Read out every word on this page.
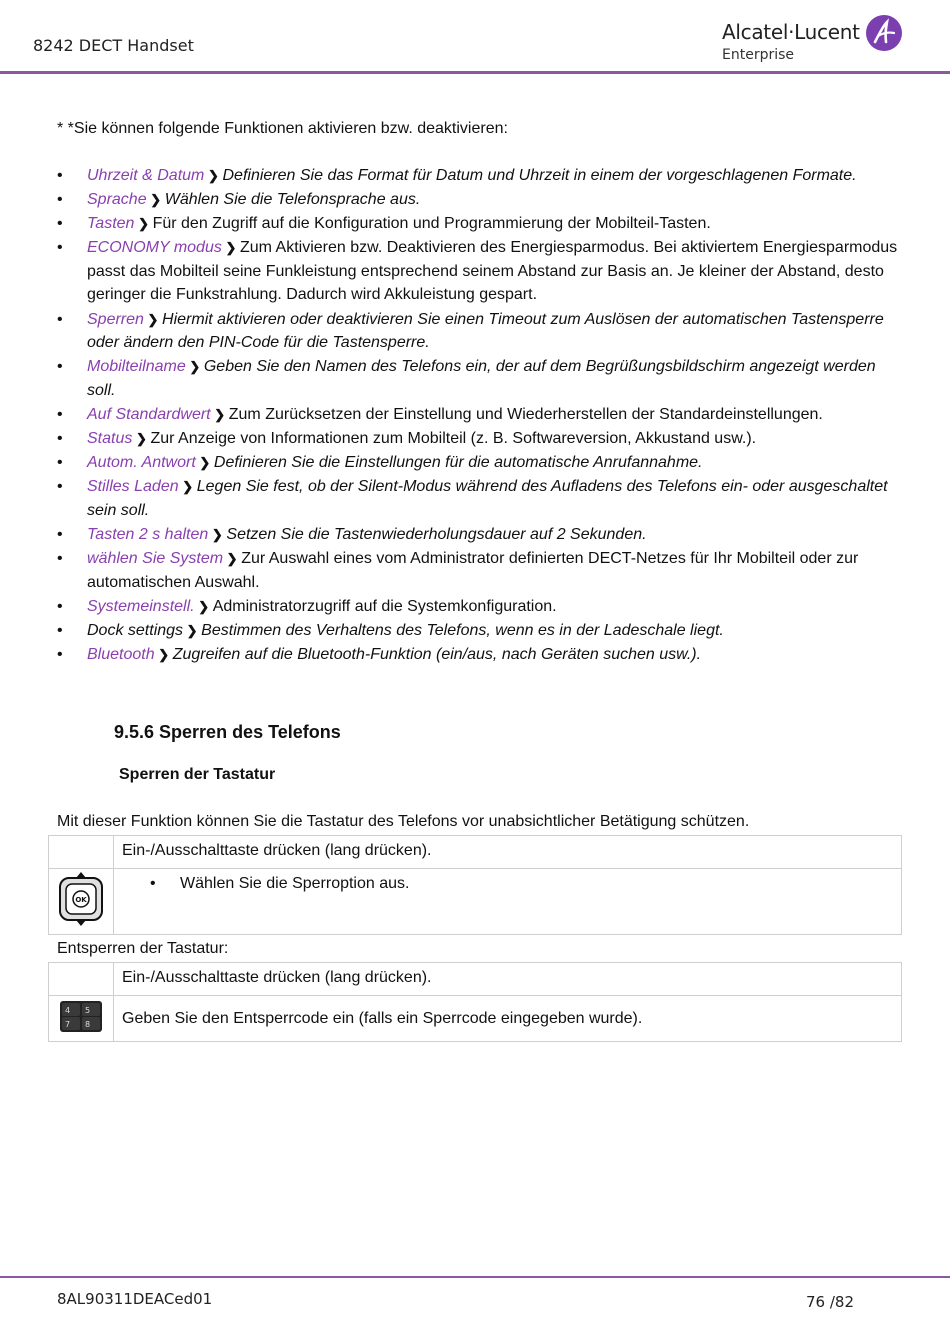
8242 DECT Handset
Alcatel·Lucent
Enterprise
* *Sie können folgende Funktionen aktivieren bzw. deaktivieren:
• Uhrzeit & Datum ❯ Definieren Sie das Format für Datum und Uhrzeit in einem der vorgeschlagenen Formate.
• Sprache ❯ Wählen Sie die Telefonsprache aus.
• Tasten ❯ Für den Zugriff auf die Konfiguration und Programmierung der Mobilteil-Tasten.
• ECONOMY modus ❯ Zum Aktivieren bzw. Deaktivieren des Energiesparmodus. Bei aktiviertem Energiesparmodus passt das Mobilteil seine Funkleistung entsprechend seinem Abstand zur Basis an. Je kleiner der Abstand, desto geringer die Funkstrahlung. Dadurch wird Akkuleistung gespart.
• Sperren ❯ Hiermit aktivieren oder deaktivieren Sie einen Timeout zum Auslösen der automatischen Tastensperre oder ändern den PIN-Code für die Tastensperre.
• Mobilteilname ❯ Geben Sie den Namen des Telefons ein, der auf dem Begrüßungsbildschirm angezeigt werden soll.
• Auf Standardwert ❯ Zum Zurücksetzen der Einstellung und Wiederherstellen der Standardeinstellungen.
• Status ❯ Zur Anzeige von Informationen zum Mobilteil (z. B. Softwareversion, Akkustand usw.).
• Autom. Antwort ❯ Definieren Sie die Einstellungen für die automatische Anrufannahme.
• Stilles Laden ❯ Legen Sie fest, ob der Silent-Modus während des Aufladens des Telefons ein- oder ausgeschaltet sein soll.
• Tasten 2 s halten ❯ Setzen Sie die Tastenwiederholungsdauer auf 2 Sekunden.
• wählen Sie System ❯ Zur Auswahl eines vom Administrator definierten DECT-Netzes für Ihr Mobilteil oder zur automatischen Auswahl.
• Systemeinstell. ❯ Administratorzugriff auf die Systemkonfiguration.
• Dock settings ❯ Bestimmen des Verhaltens des Telefons, wenn es in der Ladeschale liegt.
• Bluetooth ❯ Zugreifen auf die Bluetooth-Funktion (ein/aus, nach Geräten suchen usw.).
9.5.6 Sperren des Telefons
Sperren der Tastatur
Mit dieser Funktion können Sie die Tastatur des Telefons vor unabsichtlicher Betätigung schützen.
	Ein-/Ausschalttaste drücken (lang drücken).

OK	• Wählen Sie die Sperroption aus.
Entsperren der Tastatur:
	Ein-/Ausschalttaste drücken (lang drücken).

4 5
7 8	Geben Sie den Entsperrcode ein (falls ein Sperrcode eingegeben wurde).
8AL90311DEACed01	76 /82
